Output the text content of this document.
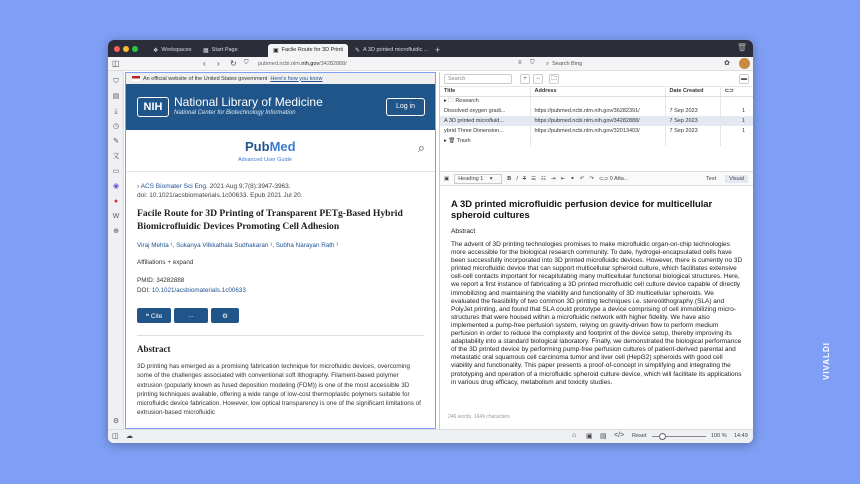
❖ Workspaces ▦ Start Page	▣ Facile Route for 3D Printi ✎ A 3D printed microfluidic ... +	🗑
◫	‹ › ↻ ⛉ pubmed.ncbi.nlm. nih.gov /34282888/	≡ ⛉ ⌕ Search Bing	✿
⛉
▤
⤓
◷
✎
文
▭
◉
●
W
⊕
⚙
An official website of the United States government Here's how you know
NIH National Library of Medicine
National Center for Biotechnology Information
Log in
PubMed
Advanced User Guide
⌕
› ACS Biomater Sci Eng. 2021 Aug 9;7(8):3947-3963.
doi: 10.1021/acsbiomaterials.1c00633. Epub 2021 Jul 20.
Facile Route for 3D Printing of Transparent PETg-Based Hybrid Biomicrofluidic Devices Promoting Cell Adhesion
Viraj Mehta ¹, Sukanya Vilkkathala Sudhakaran ¹, Subha Narayan Rath ¹
Affiliations + expand
PMID: 34282888
DOI: 10.1021/acsbiomaterials.1c00633
❝ Cite	...	⚙
Abstract

3D printing has emerged as a promising fabrication technique for microfluidic devices, overcoming some of the challenges associated with conventional soft lithography. Filament-based polymer extrusion (popularly known as fused deposition modeling (FDM)) is one of the most accessible 3D printing techniques available, offering a wide range of low-cost thermoplastic polymers suitable for microfluidic device fabrication. However, low optical transparency is one of the significant limitations of extrusion-based microfluidic

Search	+	−	🗀	▬
Title	Address	Date Created	⊂⊃
▸ 🗀 Research			
Dissolved oxygen gradi...	https://pubmed.ncbi.nlm.nih.gov/36282391/	7 Sep 2023	1
A 3D printed microfluid...	https://pubmed.ncbi.nlm.nih.gov/34282888/	7 Sep 2023	1
ybrid Three Dimension...	https://pubmed.ncbi.nlm.nih.gov/32013403/	7 Sep 2023	1
▸ 🗑 Trash			
▣	Heading 1 ▾	B I T ☰ ☷ ⇥ ⇤ ⚭ ↶ ↷ ⊂⊃ 0 Atta...	Text	Visual
A 3D printed microfluidic perfusion device for multicellular spheroid cultures
Abstract

The advent of 3D printing technologies promises to make microfluidic organ-on-chip technologies more accessible for the biological research community. To date, hydrogel-encapsulated cells have been successfully incorporated into 3D printed microfluidic devices. However, there is currently no 3D printed microfluidic device that can support multicellular spheroid culture, which facilitates extensive cell-cell contacts important for recapitulating many multicellular functional biological structures. Here, we report a first instance of fabricating a 3D printed microfluidic cell culture device capable of directly immobilizing and maintaining the viability and functionality of 3D multicellular spheroids. We evaluated the feasibility of two common 3D printing techniques i.e. stereolithography (SLA) and PolyJet printing, and found that SLA could prototype a device comprising of cell immobilizing micro-structures that were housed within a microfluidic network with higher fidelity. We have also implemented a pump-free perfusion system, relying on gravity-driven flow to perform medium perfusion in order to reduce the complexity and footprint of the device setup, thereby improving its adaptability into a standard biological laboratory. Finally, we demonstrated the biological performance of the 3D printed device by performing pump-free perfusion cultures of patient-derived parental and metastatic oral squamous cell carcinoma tumor and liver cell (HepG2) spheroids with good cell viability and functionality. This paper presents a proof-of-concept in simplifying and integrating the prototyping and operation of a microfluidic spheroid culture device, which will facilitate its applications in various drug efficacy, metabolism and toxicity studies.

246 words, 1649 characters
◫ ☁	⌂ ▣ ▤ </> Reset	100 % 14:49
VIVALDI
